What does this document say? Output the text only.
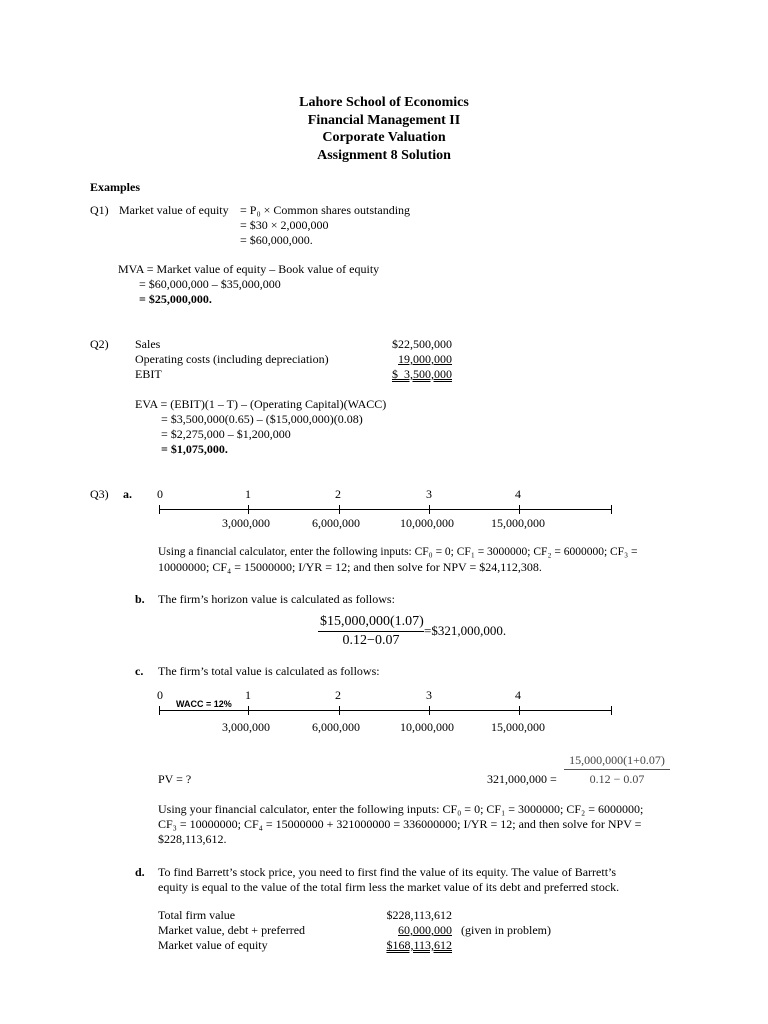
Lahore School of Economics
Financial Management II
Corporate Valuation
Assignment 8 Solution
Examples
Q1) Market value of equity = P₀ × Common shares outstanding
= $30 × 2,000,000
= $60,000,000.
MVA = Market value of equity – Book value of equity
= $60,000,000 – $35,000,000
= $25,000,000.
Q2) Sales	$22,500,000
Operating costs (including depreciation)	19,000,000
EBIT	$  3,500,000
EVA = (EBIT)(1 – T) – (Operating Capital)(WACC)
= $3,500,000(0.65) – ($15,000,000)(0.08)
= $2,275,000 – $1,200,000
= $1,075,000.
Q3) a. 0	1	2	3	4
3,000,000	6,000,000	10,000,000	15,000,000
Using a financial calculator, enter the following inputs: CF₀ = 0; CF₁ = 3000000; CF₂ = 6000000; CF₃ =
10000000; CF₄ = 15000000; I/YR = 12; and then solve for NPV = $24,112,308.
b. The firm’s horizon value is calculated as follows:
$\frac{\$15,000,000(1.07)}{0.12-0.07}$ =$321,000,000.
c. The firm’s total value is calculated as follows:
0	1	2	3	4
WACC = 12%
3,000,000	6,000,000	10,000,000	15,000,000
$\frac{15,000,000(1+0.07)}{0.12 - 0.07}$
PV = ?	321,000,000 =
Using your financial calculator, enter the following inputs: CF₀ = 0; CF₁ = 3000000; CF₂ = 6000000;
CF₃ = 10000000; CF₄ = 15000000 + 321000000 = 336000000; I/YR = 12; and then solve for NPV =
$228,113,612.
d. To find Barrett’s stock price, you need to first find the value of its equity. The value of Barrett’s
equity is equal to the value of the total firm less the market value of its debt and preferred stock.
Total firm value	$228,113,612
Market value, debt + preferred	60,000,000 (given in problem)
Market value of equity	$168,113,612
